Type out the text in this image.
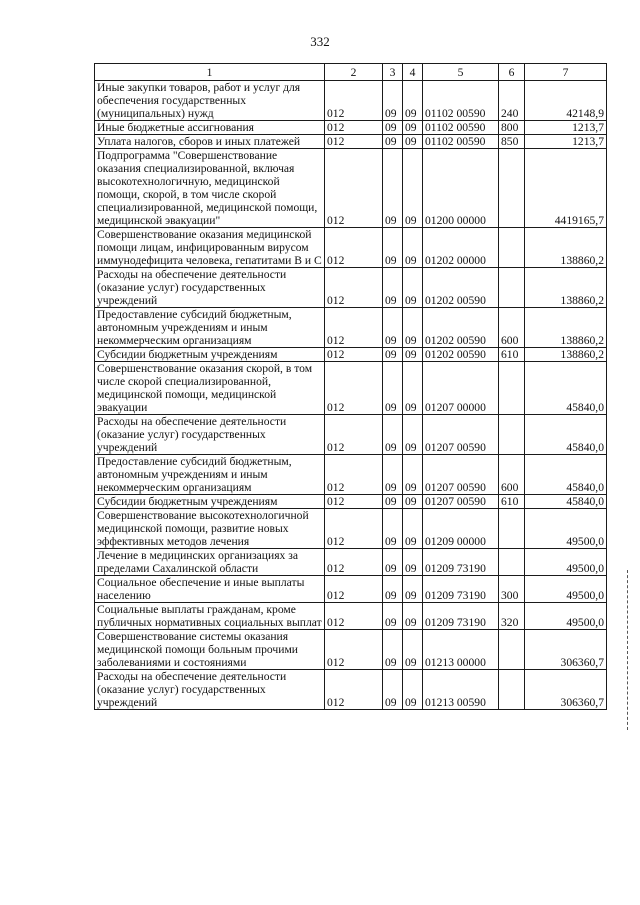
332
1	2	3	4	5	6	7
Иные закупки товаров, работ и услуг для обеспечения государственных (муниципальных) нужд	012	09	09	01102 00590	240	42148,9
Иные бюджетные ассигнования	012	09	09	01102 00590	800	1213,7
Уплата налогов, сборов и иных платежей	012	09	09	01102 00590	850	1213,7
Подпрограмма "Совершенствование оказания специализированной, включая высокотехнологичную, медицинской помощи, скорой, в том числе скорой специализированной, медицинской помощи, медицинской эвакуации"	012	09	09	01200 00000		4419165,7
Совершенствование оказания медицинской помощи лицам, инфицированным вирусом иммунодефицита человека, гепатитами В и С	012	09	09	01202 00000		138860,2
Расходы на обеспечение деятельности (оказание услуг) государственных учреждений	012	09	09	01202 00590		138860,2
Предоставление субсидий бюджетным, автономным учреждениям и иным некоммерческим организациям	012	09	09	01202 00590	600	138860,2
Субсидии бюджетным учреждениям	012	09	09	01202 00590	610	138860,2
Совершенствование оказания скорой, в том числе скорой специализированной, медицинской помощи, медицинской эвакуации	012	09	09	01207 00000		45840,0
Расходы на обеспечение деятельности (оказание услуг) государственных учреждений	012	09	09	01207 00590		45840,0
Предоставление субсидий бюджетным, автономным учреждениям и иным некоммерческим организациям	012	09	09	01207 00590	600	45840,0
Субсидии бюджетным учреждениям	012	09	09	01207 00590	610	45840,0
Совершенствование высокотехнологичной медицинской помощи, развитие новых эффективных методов лечения	012	09	09	01209 00000		49500,0
Лечение в медицинских организациях за пределами Сахалинской области	012	09	09	01209 73190		49500,0
Социальное обеспечение и иные выплаты населению	012	09	09	01209 73190	300	49500,0
Социальные выплаты гражданам, кроме публичных нормативных социальных выплат	012	09	09	01209 73190	320	49500,0
Совершенствование системы оказания медицинской помощи больным прочими заболеваниями и состояниями	012	09	09	01213 00000		306360,7
Расходы на обеспечение деятельности (оказание услуг) государственных учреждений	012	09	09	01213 00590		306360,7
